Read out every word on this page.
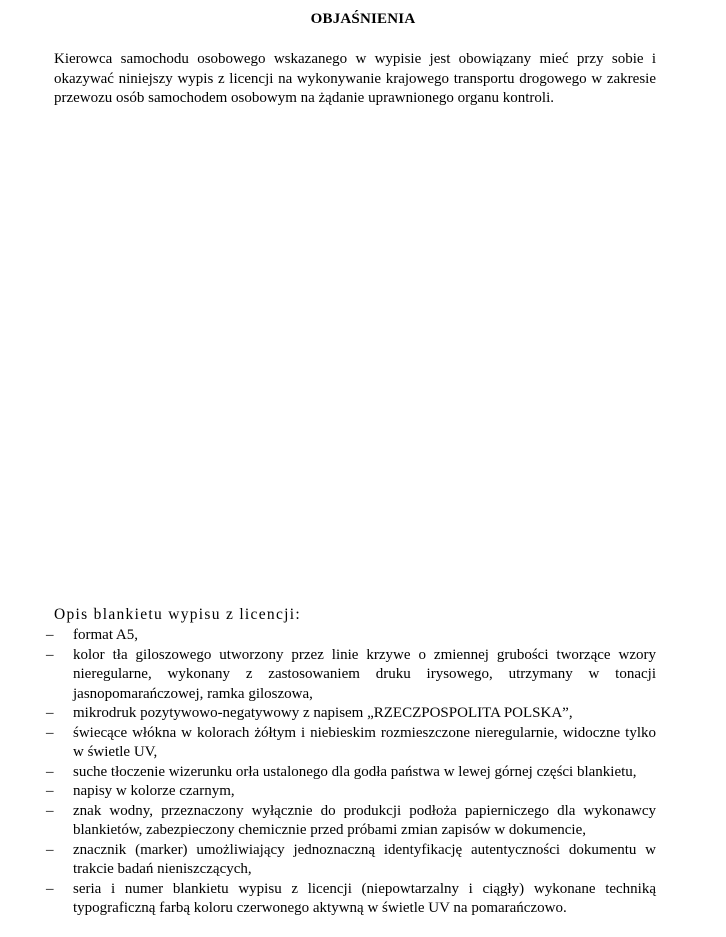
OBJAŚNIENIA

Kierowca samochodu osobowego wskazanego w wypisie jest obowiązany mieć przy sobie i okazywać niniejszy wypis z licencji na wykonywanie krajowego transportu drogowego w zakresie przewozu osób samochodem osobowym na żądanie uprawnionego organu kontroli.

Opis blankietu wypisu z licencji:
– format A5,
– kolor tła giloszowego utworzony przez linie krzywe o zmiennej grubości tworzące wzory nieregularne, wykonany z zastosowaniem druku irysowego, utrzymany w tonacji jasnopomarańczowej, ramka giloszowa,
– mikrodruk pozytywowo-negatywowy z napisem „RZECZPOSPOLITA POLSKA”,
– świecące włókna w kolorach żółtym i niebieskim rozmieszczone nieregularnie, widoczne tylko w świetle UV,
– suche tłoczenie wizerunku orła ustalonego dla godła państwa w lewej górnej części blankietu,
– napisy w kolorze czarnym,
– znak wodny, przeznaczony wyłącznie do produkcji podłoża papierniczego dla wykonawcy blankietów, zabezpieczony chemicznie przed próbami zmian zapisów w dokumencie,
– znacznik (marker) umożliwiający jednoznaczną identyfikację autentyczności dokumentu w trakcie badań nieniszczących,
– seria i numer blankietu wypisu z licencji (niepowtarzalny i ciągły) wykonane techniką typograficzną farbą koloru czerwonego aktywną w świetle UV na pomarańczowo.
